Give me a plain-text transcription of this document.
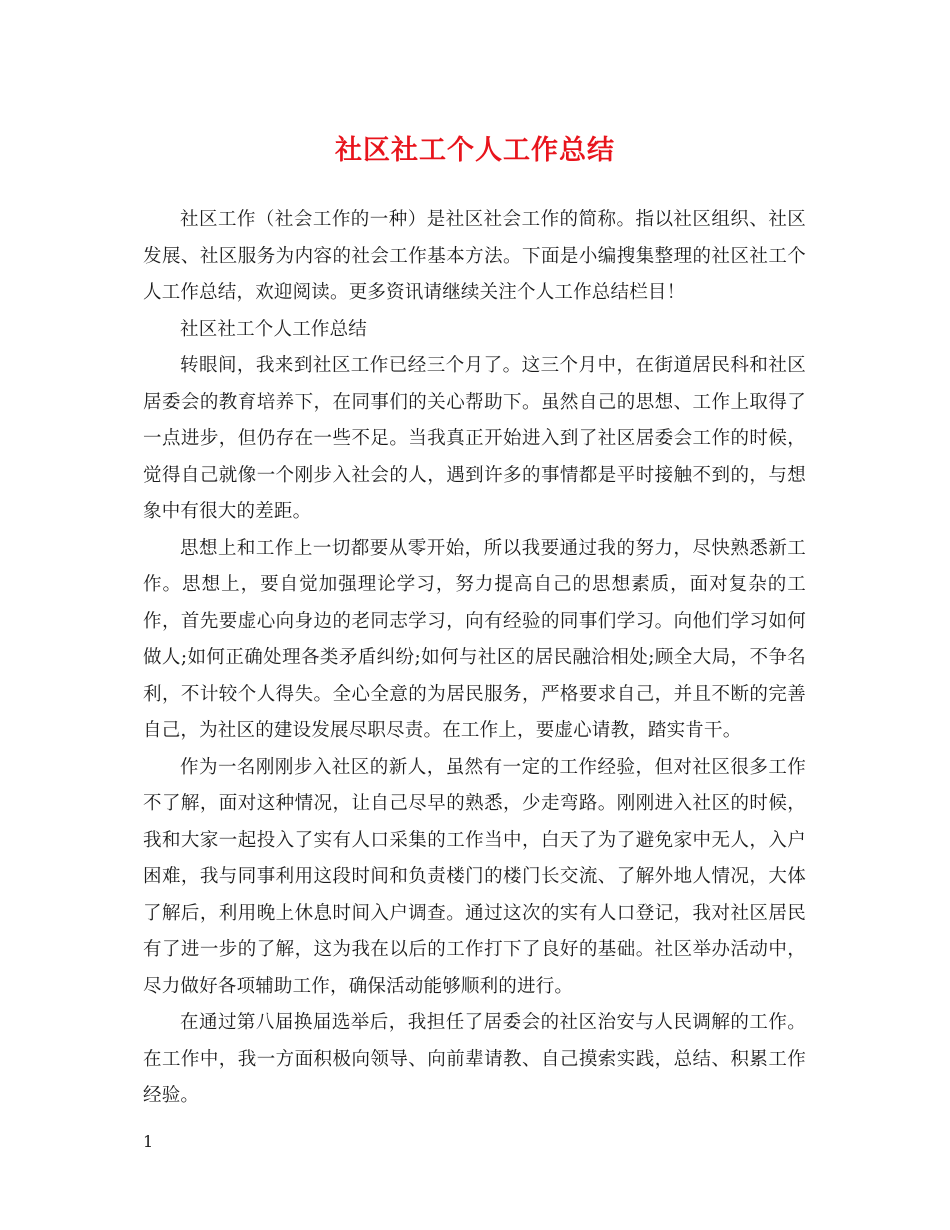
社区社工个人工作总结

社区工作（社会工作的一种）是社区社会工作的简称。指以社区组织、社区发展、社区服务为内容的社会工作基本方法。下面是小编搜集整理的社区社工个人工作总结，欢迎阅读。更多资讯请继续关注个人工作总结栏目！

社区社工个人工作总结

转眼间，我来到社区工作已经三个月了。这三个月中，在街道居民科和社区居委会的教育培养下，在同事们的关心帮助下。虽然自己的思想、工作上取得了一点进步，但仍存在一些不足。当我真正开始进入到了社区居委会工作的时候，觉得自己就像一个刚步入社会的人，遇到许多的事情都是平时接触不到的，与想象中有很大的差距。

思想上和工作上一切都要从零开始，所以我要通过我的努力，尽快熟悉新工作。思想上，要自觉加强理论学习，努力提高自己的思想素质，面对复杂的工作，首先要虚心向身边的老同志学习，向有经验的同事们学习。向他们学习如何做人;如何正确处理各类矛盾纠纷;如何与社区的居民融洽相处;顾全大局，不争名利，不计较个人得失。全心全意的为居民服务，严格要求自己，并且不断的完善自己，为社区的建设发展尽职尽责。在工作上，要虚心请教，踏实肯干。

作为一名刚刚步入社区的新人，虽然有一定的工作经验，但对社区很多工作不了解，面对这种情况，让自己尽早的熟悉，少走弯路。刚刚进入社区的时候，我和大家一起投入了实有人口采集的工作当中，白天了为了避免家中无人，入户困难，我与同事利用这段时间和负责楼门的楼门长交流、了解外地人情况，大体了解后，利用晚上休息时间入户调查。通过这次的实有人口登记，我对社区居民有了进一步的了解，这为我在以后的工作打下了良好的基础。社区举办活动中，尽力做好各项辅助工作，确保活动能够顺利的进行。

在通过第八届换届选举后，我担任了居委会的社区治安与人民调解的工作。在工作中，我一方面积极向领导、向前辈请教、自己摸索实践，总结、积累工作经验。

1
